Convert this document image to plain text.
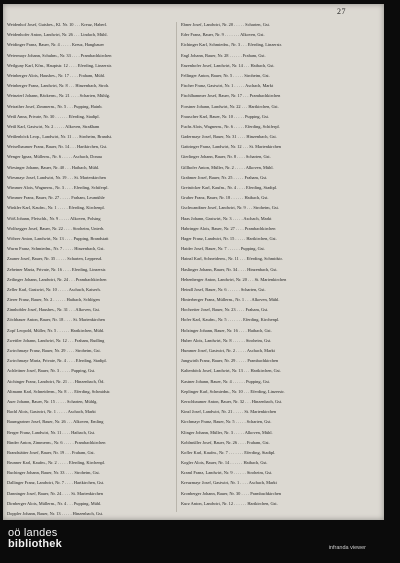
27

Weidenhof Josef, Gutsbes., Kl. Nr. 10 . . . Kreuz, Haberl.

Weidenhofer Anton, Landwirt, Nr. 26 . . . Lindach, Mühl.

Weidinger Franz, Bauer, Nr. 4 . . . . . Kreuz, Hangbauer

Weiermayr Johann, Schuhm., Nr. 33 . . . . Prambachkirchen

Weilguny Karl, Kfm., Hauptstr. 12 . . . . Eferding, Linzerstr.

Weinberger Alois, Hausbes., Nr. 17 . . . . Fraham, Mühl.

Weinberger Franz, Landwirt, Nr. 8 . . . Hinzenbach, Stroh.

Weinzierl Johann, Bäckerm., Nr. 21 . . . . Scharten, Mühlg.

Weirather Josef, Zimmerm., Nr. 5 . . . Pupping, Hainb.

Weiß Anna, Private, Nr. 30 . . . . . . Eferding, Stadtpl.

Weiß Karl, Gastwirt, Nr. 2 . . . . . Alkoven, Straßham

Weißenböck Leop., Landwirt, Nr. 11 . . . Stroheim, Brandst.

Weixelbaumer Franz, Bauer, Nr. 14 . . . Hartkirchen, Gst.

Wenger Ignaz, Müllerm., Nr. 6 . . . . . Aschach, Donau

Wiesinger Johann, Bauer, Nr. 40 . . . Haibach, Mühl.

Wiesmayr Josef, Landwirt, Nr. 19 . . . St. Marienkirchen

Wimmer Alois, Wagnerm., Nr. 3 . . . . Eferding, Schiferpl.

Wimmer Franz, Bauer, Nr. 27 . . . . . Fraham, Leumühle

Winkler Karl, Kaufm., Nr. 1 . . . . . Eferding, Kirchenpl.

Wöß Johann, Fleischh., Nr. 9 . . . . . Alkoven, Polsing

Wolfsegger Josef, Bauer, Nr. 22 . . . . Stroheim, Unterh.

Wöhrer Anton, Landwirt, Nr. 13 . . . . Pupping, Brandstatt

Wurm Franz, Schmiedm., Nr. 7 . . . . . Hinzenbach, Gst.

Zauner Josef, Bauer, Nr. 35 . . . . . Scharten, Leppersd.

Zehetner Maria, Private, Nr. 16 . . . . Eferding, Linzerstr.

Zeilinger Johann, Landwirt, Nr. 24 . . . Prambachkirchen

Zeller Karl, Gastwirt, Nr. 10 . . . . . Aschach, Kaiserh.

Zierer Franz, Bauer, Nr. 2 . . . . . . Haibach, Schlögen

Zinnhobler Josef, Hausbes., Nr. 31 . . . Alkoven, Gst.

Zöchbauer Anton, Bauer, Nr. 18 . . . . St. Marienkirchen

Zopf Leopold, Müller, Nr. 5 . . . . . . Hartkirchen, Mühl.

Zwettler Johann, Landwirt, Nr. 12 . . . Fraham, Rudling

Zwirchmayr Franz, Bauer, Nr. 29 . . . . Stroheim, Gst.

Zwirchmayr Maria, Private, Nr. 4 . . . . Eferding, Stadtpl.

Achleitner Josef, Bauer, Nr. 3 . . . . . Pupping, Gst.

Aichinger Franz, Landwirt, Nr. 21 . . . Hinzenbach, Öd.

Altmann Karl, Schneiderm., Nr. 8 . . . Eferding, Schmidstr.

Auer Johann, Bauer, Nr. 15 . . . . . Scharten, Mühlg.

Bachl Alois, Gastwirt, Nr. 1 . . . . . Aschach, Markt

Baumgartner Josef, Bauer, Nr. 26 . . . Alkoven, Emling

Berger Franz, Landwirt, Nr. 11 . . . . Haibach, Gst.

Binder Anton, Zimmerm., Nr. 6 . . . . . Prambachkirchen

Brandstätter Josef, Bauer, Nr. 19 . . . Fraham, Gst.

Brunner Karl, Kaufm., Nr. 2 . . . . . Eferding, Kirchenpl.

Buchinger Johann, Bauer, Nr. 33 . . . . Stroheim, Gst.

Dallinger Franz, Landwirt, Nr. 7 . . . . Hartkirchen, Gst.

Danninger Josef, Bauer, Nr. 24 . . . . St. Marienkirchen

Dirnberger Alois, Müllerm., Nr. 4 . . . Pupping, Mühl.

Doppler Johann, Bauer, Nr. 13 . . . . . Hinzenbach, Gst.

Ebner Josef, Landwirt, Nr. 20 . . . . . Scharten, Gst.

Eder Franz, Bauer, Nr. 9 . . . . . . . Alkoven, Gst.

Eichinger Karl, Schmiedm., Nr. 3 . . . Eferding, Linzerstr.

Engl Johann, Bauer, Nr. 28 . . . . . . Fraham, Gst.

Enzenhofer Josef, Landwirt, Nr. 14 . . . Haibach, Gst.

Fellinger Anton, Bauer, Nr. 5 . . . . . Stroheim, Gst.

Fischer Franz, Gastwirt, Nr. 1 . . . . . Aschach, Markt

Fischlhammer Josef, Bauer, Nr. 17 . . . Prambachkirchen

Forstner Johann, Landwirt, Nr. 22 . . . Hartkirchen, Gst.

Frauscher Karl, Bauer, Nr. 10 . . . . . Pupping, Gst.

Fuchs Alois, Wagnerm., Nr. 6 . . . . . Eferding, Schiferpl.

Gadermayr Josef, Bauer, Nr. 31 . . . . Hinzenbach, Gst.

Gattringer Franz, Landwirt, Nr. 12 . . . St. Marienkirchen

Gierlinger Johann, Bauer, Nr. 8 . . . . Scharten, Gst.

Gillhofer Anton, Müller, Nr. 2 . . . . . Alkoven, Mühl.

Grabmer Josef, Bauer, Nr. 25 . . . . . Fraham, Gst.

Greinöcker Karl, Kaufm., Nr. 4 . . . . Eferding, Stadtpl.

Gruber Franz, Bauer, Nr. 18 . . . . . . Haibach, Gst.

Gschwandtner Josef, Landwirt, Nr. 9 . . . Stroheim, Gst.

Haas Johann, Gastwirt, Nr. 3 . . . . . Aschach, Markt

Habringer Alois, Bauer, Nr. 27 . . . . Prambachkirchen

Hager Franz, Landwirt, Nr. 15 . . . . . Hartkirchen, Gst.

Haider Josef, Bauer, Nr. 7 . . . . . . Pupping, Gst.

Hainzl Karl, Schneiderm., Nr. 11 . . . Eferding, Schmidstr.

Haslinger Johann, Bauer, Nr. 34 . . . . Hinzenbach, Gst.

Hehenberger Anton, Landwirt, Nr. 20 . . . St. Marienkirchen

Heindl Josef, Bauer, Nr. 6 . . . . . . Scharten, Gst.

Hinterberger Franz, Müllerm., Nr. 1 . . . Alkoven, Mühl.

Hochreiter Josef, Bauer, Nr. 23 . . . . Fraham, Gst.

Hofer Karl, Kaufm., Nr. 5 . . . . . . . Eferding, Kirchenpl.

Holzinger Johann, Bauer, Nr. 16 . . . . Haibach, Gst.

Huber Alois, Landwirt, Nr. 8 . . . . . . Stroheim, Gst.

Hummer Josef, Gastwirt, Nr. 2 . . . . . Aschach, Markt

Jungwirth Franz, Bauer, Nr. 29 . . . . . Prambachkirchen

Kaltenböck Josef, Landwirt, Nr. 13 . . . Hartkirchen, Gst.

Kastner Johann, Bauer, Nr. 4 . . . . . . Pupping, Gst.

Keplinger Karl, Schmiedm., Nr. 10 . . . Eferding, Linzerstr.

Kerschbaumer Anton, Bauer, Nr. 32 . . . Hinzenbach, Gst.

Kinzl Josef, Landwirt, Nr. 21 . . . . . St. Marienkirchen

Kirchmayr Franz, Bauer, Nr. 5 . . . . . Scharten, Gst.

Klinger Johann, Müller, Nr. 3 . . . . . Alkoven, Mühl.

Koblmüller Josef, Bauer, Nr. 26 . . . . Fraham, Gst.

Kofler Karl, Kaufm., Nr. 7 . . . . . . . Eferding, Stadtpl.

Kogler Alois, Bauer, Nr. 14 . . . . . . Haibach, Gst.

Kraml Franz, Landwirt, Nr. 9 . . . . . . Stroheim, Gst.

Kreuzmayr Josef, Gastwirt, Nr. 1 . . . . Aschach, Markt

Kronberger Johann, Bauer, Nr. 30 . . . . Prambachkirchen

Kurz Anton, Landwirt, Nr. 12 . . . . . . Hartkirchen, Gst.

oö landes
bibliothek	infranda viewer
